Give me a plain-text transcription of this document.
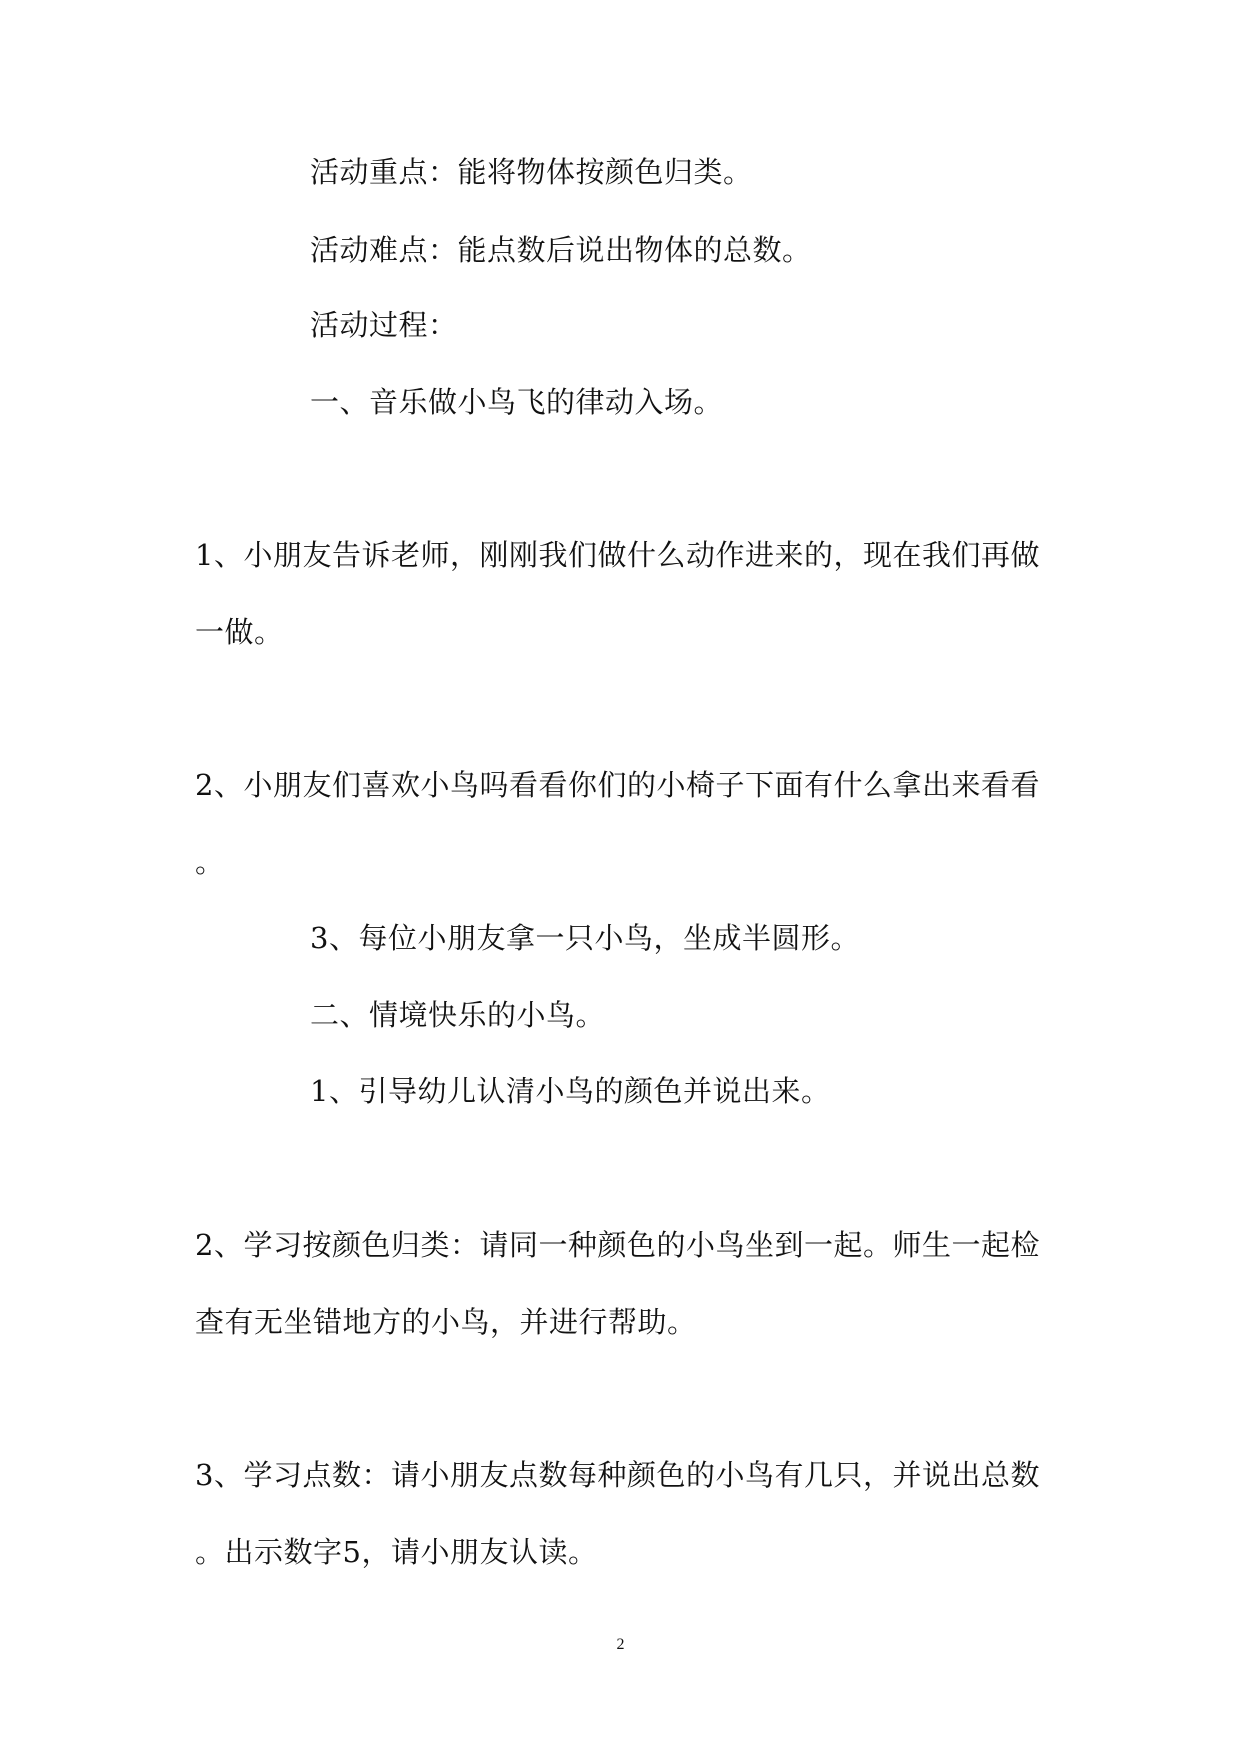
活动重点：能将物体按颜色归类。
活动难点：能点数后说出物体的总数。
活动过程：
一、音乐做小鸟飞的律动入场。
1、小朋友告诉老师，刚刚我们做什么动作进来的，现在我们再做
一做。
2、小朋友们喜欢小鸟吗看看你们的小椅子下面有什么拿出来看看
。
3、每位小朋友拿一只小鸟，坐成半圆形。
二、情境快乐的小鸟。
1、引导幼儿认清小鸟的颜色并说出来。
2、学习按颜色归类：请同一种颜色的小鸟坐到一起。师生一起检
查有无坐错地方的小鸟，并进行帮助。
3、学习点数：请小朋友点数每种颜色的小鸟有几只，并说出总数
。出示数字5，请小朋友认读。
2
